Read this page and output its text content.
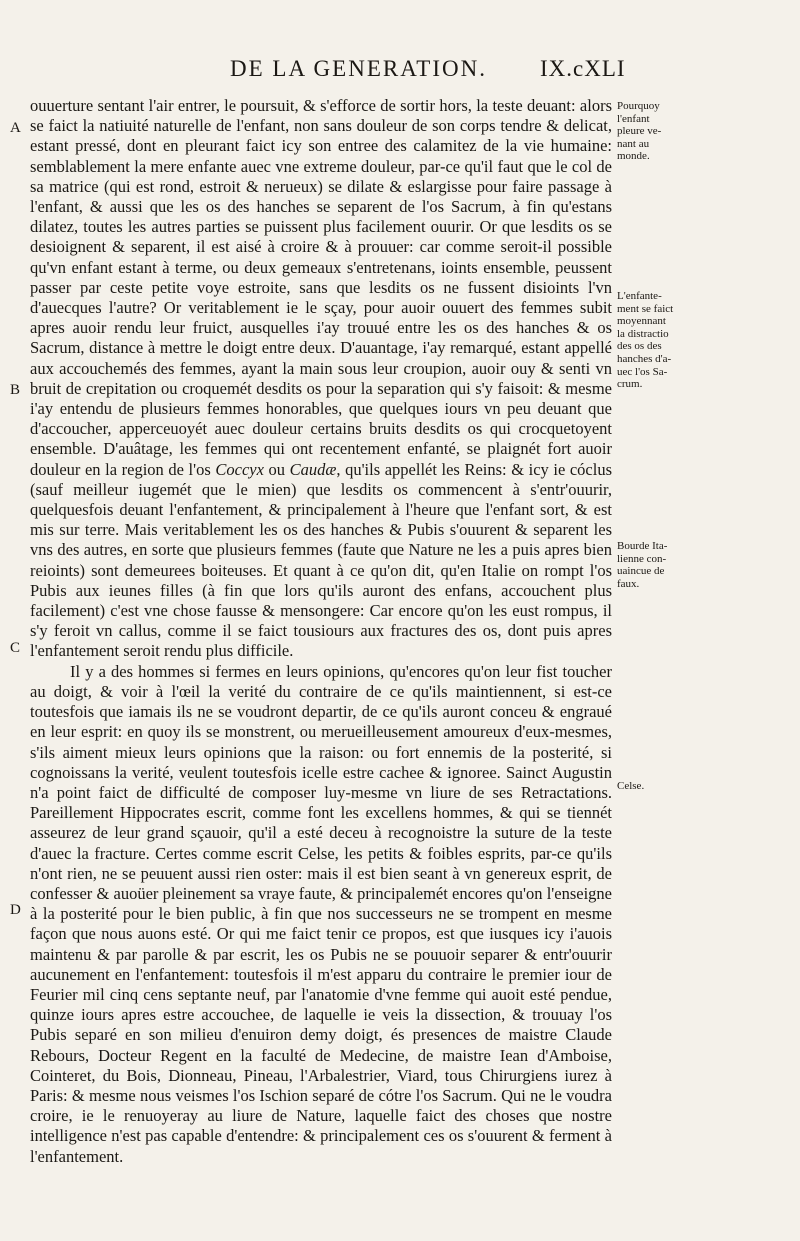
DE LA GENERATION. IX.cXLI
A
B
C
D
Pourquoy
l'enfant
pleure ve-
nant au
monde.
L'enfante-
ment se faict
moyennant
la distractio
des os des
hanches d'a-
uec l'os Sa-
crum.
Bourde Ita-
lienne con-
uaincue de
faux.
Celse.

ouuerture sentant l'air entrer, le poursuit, & s'efforce de sortir hors, la teste deuant: alors se faict la natiuité naturelle de l'enfant, non sans douleur de son corps tendre & delicat, estant pressé, dont en pleurant faict icy son entree des calamitez de la vie humaine: semblablement la mere enfante auec vne extreme douleur, par-ce qu'il faut que le col de sa matrice (qui est rond, estroit & nerueux) se dilate & eslargisse pour faire passage à l'enfant, & aussi que les os des hanches se separent de l'os Sacrum, à fin qu'estans dilatez, toutes les autres parties se puissent plus facilement ouurir. Or que lesdits os se desioignent & separent, il est aisé à croire & à prouuer: car comme seroit-il possible qu'vn enfant estant à terme, ou deux gemeaux s'entretenans, ioints ensemble, peussent passer par ceste petite voye estroite, sans que lesdits os ne fussent disioints l'vn d'auecques l'autre? Or veritablement ie le sçay, pour auoir ouuert des femmes subit apres auoir rendu leur fruict, ausquelles i'ay trouué entre les os des hanches & os Sacrum, distance à mettre le doigt entre deux. D'auantage, i'ay remarqué, estant appellé aux accouchemés des femmes, ayant la main sous leur croupion, auoir ouy & senti vn bruit de crepitation ou croquemét desdits os pour la separation qui s'y faisoit: & mesme i'ay entendu de plusieurs femmes honorables, que quelques iours vn peu deuant que d'accoucher, apperceuoyét auec douleur certains bruits desdits os qui crocquetoyent ensemble. D'auâtage, les femmes qui ont recentement enfanté, se plaignét fort auoir douleur en la region de l'os Coccyx ou Caudæ, qu'ils appellét les Reins: & icy ie cóclus (sauf meilleur iugemét que le mien) que lesdits os commencent à s'entr'ouurir, quelquesfois deuant l'enfantement, & principalement à l'heure que l'enfant sort, & est mis sur terre. Mais veritablement les os des hanches & Pubis s'ouurent & separent les vns des autres, en sorte que plusieurs femmes (faute que Nature ne les a puis apres bien reioints) sont demeurees boiteuses. Et quant à ce qu'on dit, qu'en Italie on rompt l'os Pubis aux ieunes filles (à fin que lors qu'ils auront des enfans, accouchent plus facilement) c'est vne chose fausse & mensongere: Car encore qu'on les eust rompus, il s'y feroit vn callus, comme il se faict tousiours aux fractures des os, dont puis apres l'enfantement seroit rendu plus difficile.

Il y a des hommes si fermes en leurs opinions, qu'encores qu'on leur fist toucher au doigt, & voir à l'œil la verité du contraire de ce qu'ils maintiennent, si est-ce toutesfois que iamais ils ne se voudront departir, de ce qu'ils auront conceu & engraué en leur esprit: en quoy ils se monstrent, ou merueilleusement amoureux d'eux-mesmes, s'ils aiment mieux leurs opinions que la raison: ou fort ennemis de la posterité, si cognoissans la verité, veulent toutesfois icelle estre cachee & ignoree. Sainct Augustin n'a point faict de difficulté de composer luy-mesme vn liure de ses Retractations. Pareillement Hippocrates escrit, comme font les excellens hommes, & qui se tiennét asseurez de leur grand sçauoir, qu'il a esté deceu à recognoistre la suture de la teste d'auec la fracture. Certes comme escrit Celse, les petits & foibles esprits, par-ce qu'ils n'ont rien, ne se peuuent aussi rien oster: mais il est bien seant à vn genereux esprit, de confesser & auoüer pleinement sa vraye faute, & principalemét encores qu'on l'enseigne à la posterité pour le bien public, à fin que nos successeurs ne se trompent en mesme façon que nous auons esté. Or qui me faict tenir ce propos, est que iusques icy i'auois maintenu & par parolle & par escrit, les os Pubis ne se pouuoir separer & entr'ouurir aucunement en l'enfantement: toutesfois il m'est apparu du contraire le premier iour de Feurier mil cinq cens septante neuf, par l'anatomie d'vne femme qui auoit esté pendue, quinze iours apres estre accouchee, de laquelle ie veis la dissection, & trouuay l'os Pubis separé en son milieu d'enuiron demy doigt, és presences de maistre Claude Rebours, Docteur Regent en la faculté de Medecine, de maistre Iean d'Amboise, Cointeret, du Bois, Dionneau, Pineau, l'Arbalestrier, Viard, tous Chirurgiens iurez à Paris: & mesme nous veismes l'os Ischion separé de cótre l'os Sacrum. Qui ne le voudra croire, ie le renuoyeray au liure de Nature, laquelle faict des choses que nostre intelligence n'est pas capable d'entendre: & principalement ces os s'ouurent & ferment à l'enfantement.
